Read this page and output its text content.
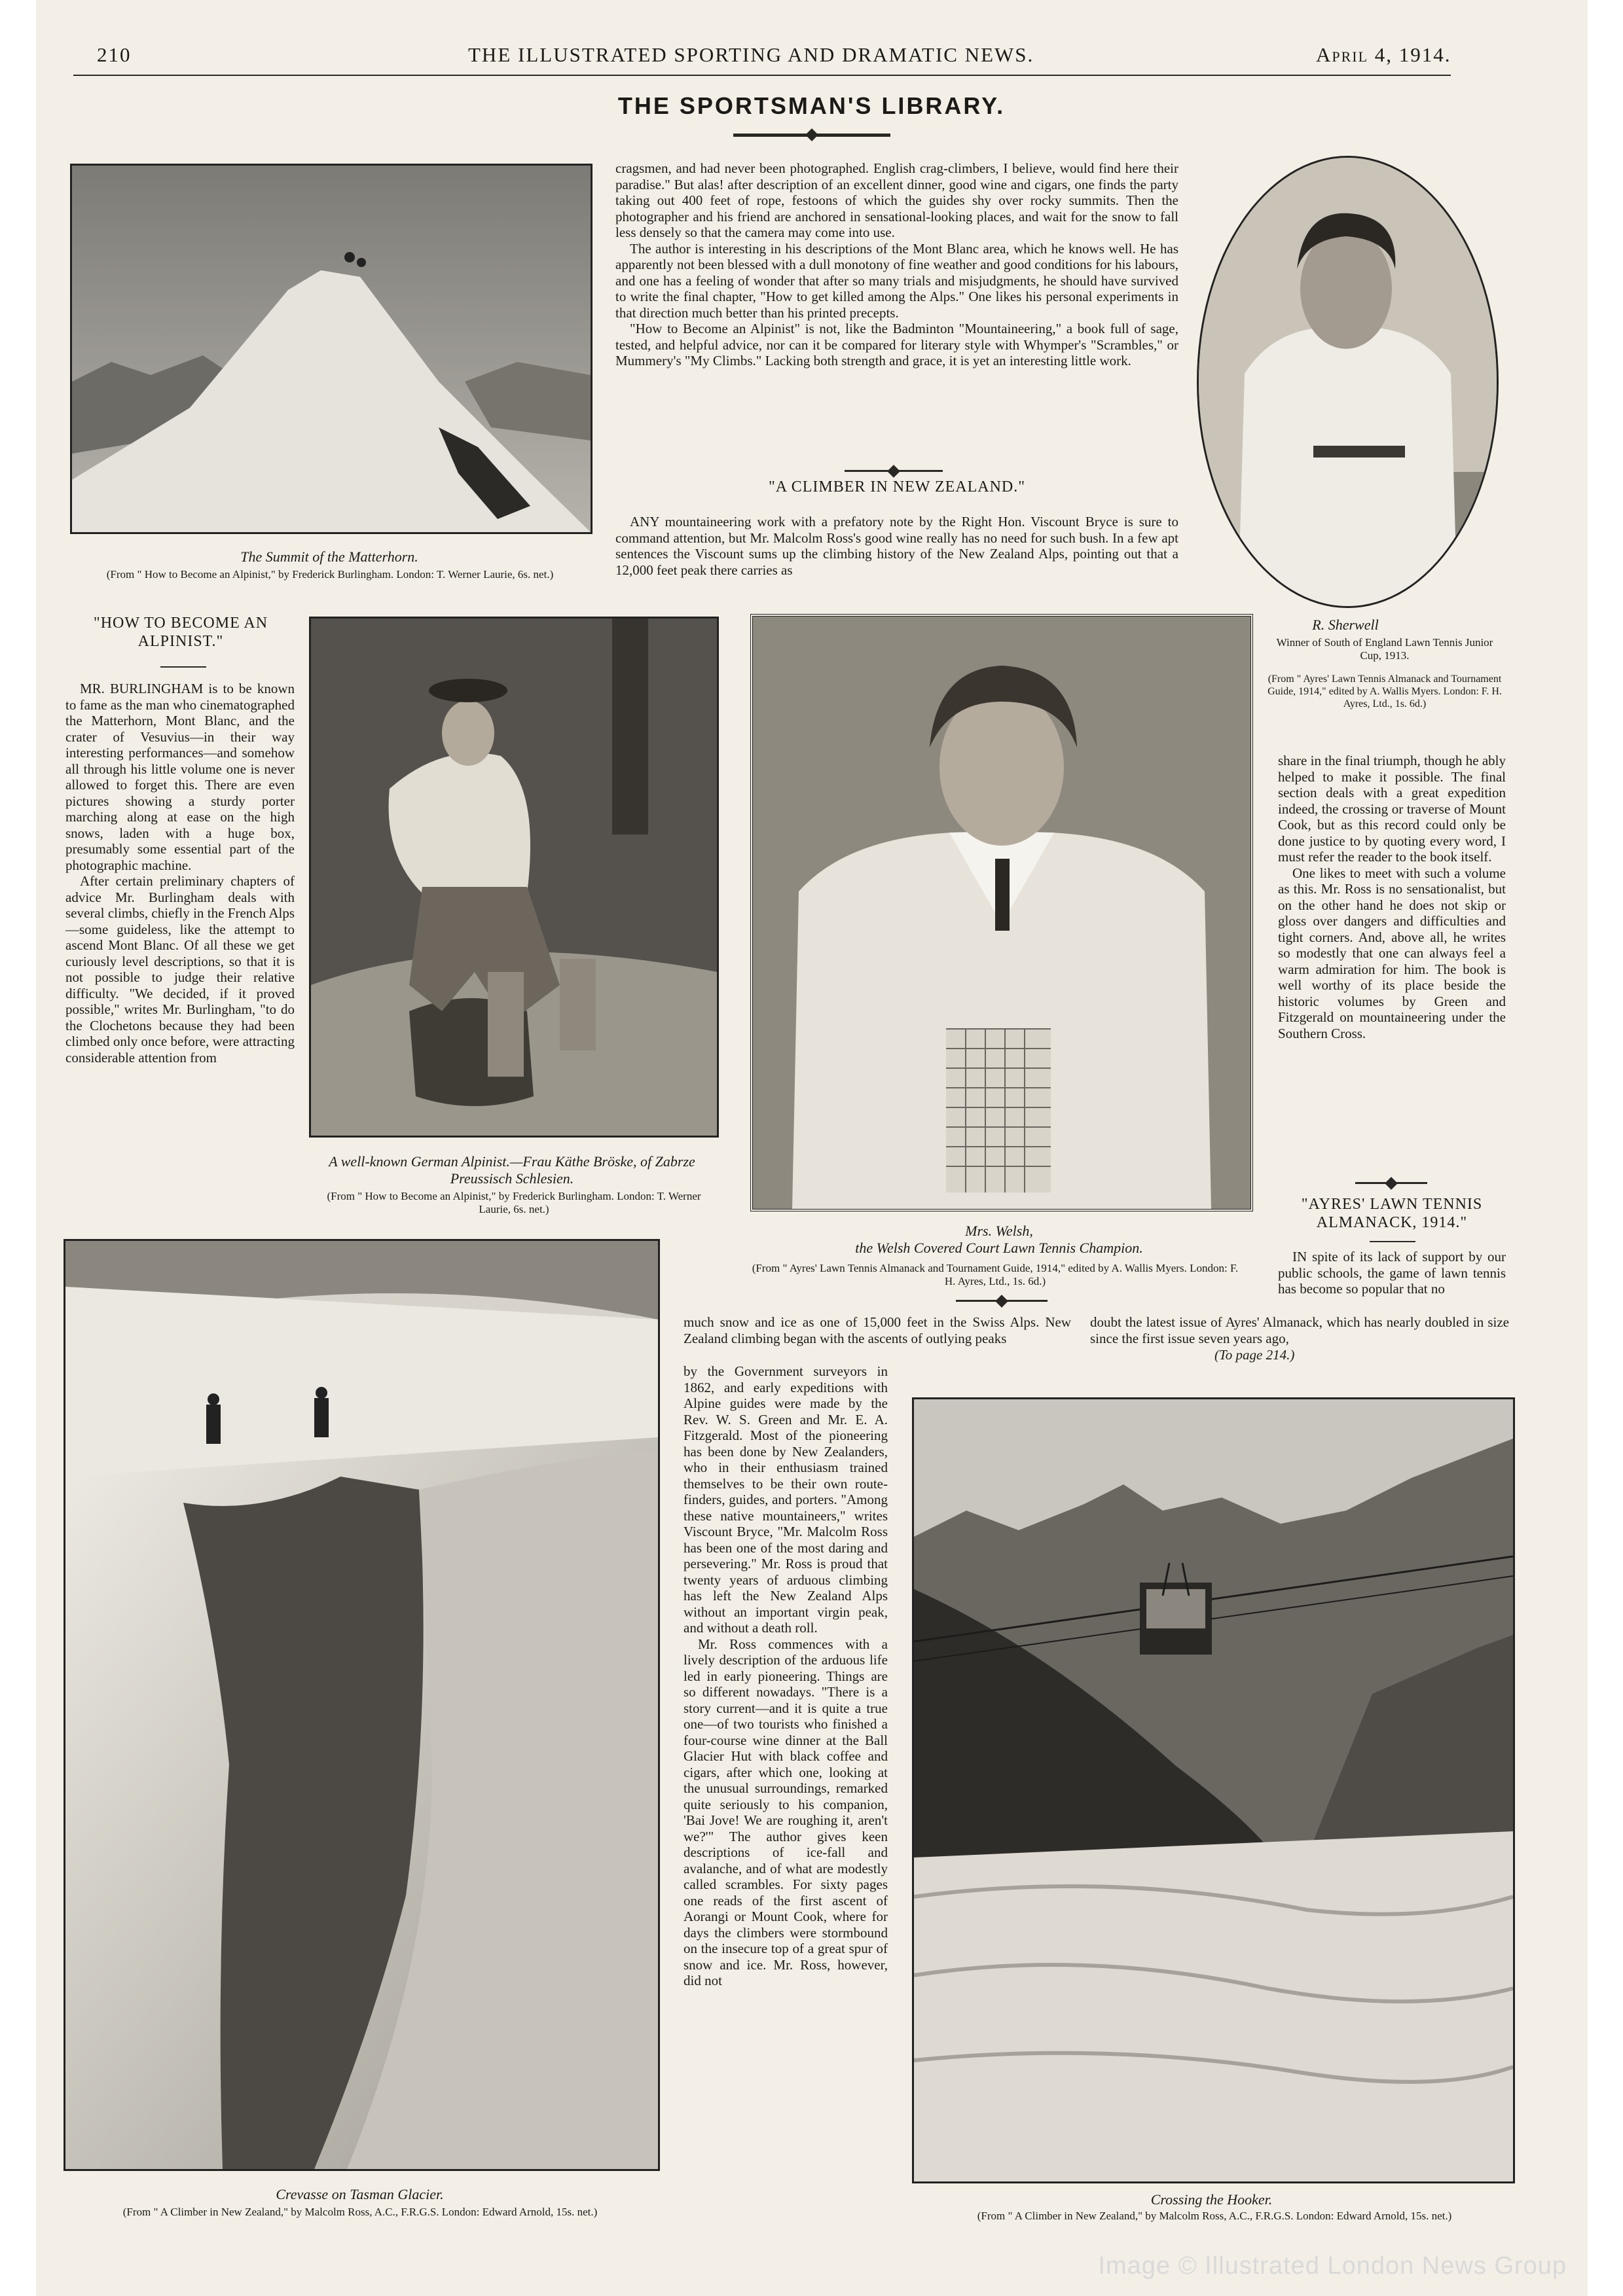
210	THE ILLUSTRATED SPORTING AND DRAMATIC NEWS.	April 4, 1914.
THE SPORTSMAN'S LIBRARY.
The Summit of the Matterhorn.
(From " How to Become an Alpinist," by Frederick Burlingham. London: T. Werner Laurie, 6s. net.)

cragsmen, and had never been photographed. English crag-climbers, I believe, would find here their paradise." But alas! after description of an excellent dinner, good wine and cigars, one finds the party taking out 400 feet of rope, festoons of which the guides shy over rocky summits. Then the photographer and his friend are anchored in sensational-looking places, and wait for the snow to fall less densely so that the camera may come into use.

The author is interesting in his descriptions of the Mont Blanc area, which he knows well. He has apparently not been blessed with a dull monotony of fine weather and good conditions for his labours, and one has a feeling of wonder that after so many trials and misjudgments, he should have survived to write the final chapter, "How to get killed among the Alps." One likes his personal experiments in that direction much better than his printed precepts.

"How to Become an Alpinist" is not, like the Badminton "Mountaineering," a book full of sage, tested, and helpful advice, nor can it be compared for literary style with Whymper's "Scrambles," or Mummery's "My Climbs." Lacking both strength and grace, it is yet an interesting little work.

"A CLIMBER IN NEW ZEALAND."

ANY mountaineering work with a prefatory note by the Right Hon. Viscount Bryce is sure to command attention, but Mr. Malcolm Ross's good wine really has no need for such bush. In a few apt sentences the Viscount sums up the climbing history of the New Zealand Alps, pointing out that a 12,000 feet peak there carries as

R. Sherwell
Winner of South of England Lawn Tennis Junior Cup, 1913.
(From " Ayres' Lawn Tennis Almanack and Tournament Guide, 1914," edited by A. Wallis Myers. London: F. H. Ayres, Ltd., 1s. 6d.)
"HOW TO BECOME AN ALPINIST."

MR. BURLINGHAM is to be known to fame as the man who cinematographed the Matterhorn, Mont Blanc, and the crater of Vesuvius—in their way interesting performances—and somehow all through his little volume one is never allowed to forget this. There are even pictures showing a sturdy porter marching along at ease on the high snows, laden with a huge box, presumably some essential part of the photographic machine.

After certain preliminary chapters of advice Mr. Burlingham deals with several climbs, chiefly in the French Alps—some guideless, like the attempt to ascend Mont Blanc. Of all these we get curiously level descriptions, so that it is not possible to judge their relative difficulty. "We decided, if it proved possible," writes Mr. Burlingham, "to do the Clochetons because they had been climbed only once before, were attracting considerable attention from

A well-known German Alpinist.—Frau Käthe Bröske, of Zabrze Preussisch Schlesien.
(From " How to Become an Alpinist," by Frederick Burlingham. London: T. Werner Laurie, 6s. net.)
Mrs. Welsh,
the Welsh Covered Court Lawn Tennis Champion.
(From " Ayres' Lawn Tennis Almanack and Tournament Guide, 1914," edited by A. Wallis Myers. London: F. H. Ayres, Ltd., 1s. 6d.)

share in the final triumph, though he ably helped to make it possible. The final section deals with a great expedition indeed, the crossing or traverse of Mount Cook, but as this record could only be done justice to by quoting every word, I must refer the reader to the book itself.

One likes to meet with such a volume as this. Mr. Ross is no sensationalist, but on the other hand he does not skip or gloss over dangers and difficulties and tight corners. And, above all, he writes so modestly that one can always feel a warm admiration for him. The book is well worthy of its place beside the historic volumes by Green and Fitzgerald on mountaineering under the Southern Cross.

"AYRES' LAWN TENNIS ALMANACK, 1914."

IN spite of its lack of support by our public schools, the game of lawn tennis has become so popular that no

much snow and ice as one of 15,000 feet in the Swiss Alps. New Zealand climbing began with the ascents of outlying peaks

doubt the latest issue of Ayres' Almanack, which has nearly doubled in size since the first issue seven years ago,

(To page 214.)
Crevasse on Tasman Glacier.
(From " A Climber in New Zealand," by Malcolm Ross, A.C., F.R.G.S. London: Edward Arnold, 15s. net.)

by the Government surveyors in 1862, and early expeditions with Alpine guides were made by the Rev. W. S. Green and Mr. E. A. Fitzgerald. Most of the pioneering has been done by New Zealanders, who in their enthusiasm trained themselves to be their own route-finders, guides, and porters. "Among these native mountaineers," writes Viscount Bryce, "Mr. Malcolm Ross has been one of the most daring and persevering." Mr. Ross is proud that twenty years of arduous climbing has left the New Zealand Alps without an important virgin peak, and without a death roll.

Mr. Ross commences with a lively description of the arduous life led in early pioneering. Things are so different nowadays. "There is a story current—and it is quite a true one—of two tourists who finished a four-course wine dinner at the Ball Glacier Hut with black coffee and cigars, after which one, looking at the unusual surroundings, remarked quite seriously to his companion, 'Bai Jove! We are roughing it, aren't we?'" The author gives keen descriptions of ice-fall and avalanche, and of what are modestly called scrambles. For sixty pages one reads of the first ascent of Aorangi or Mount Cook, where for days the climbers were stormbound on the insecure top of a great spur of snow and ice. Mr. Ross, however, did not

Crossing the Hooker.
(From " A Climber in New Zealand," by Malcolm Ross, A.C., F.R.G.S. London: Edward Arnold, 15s. net.)
Image © Illustrated London News Group
